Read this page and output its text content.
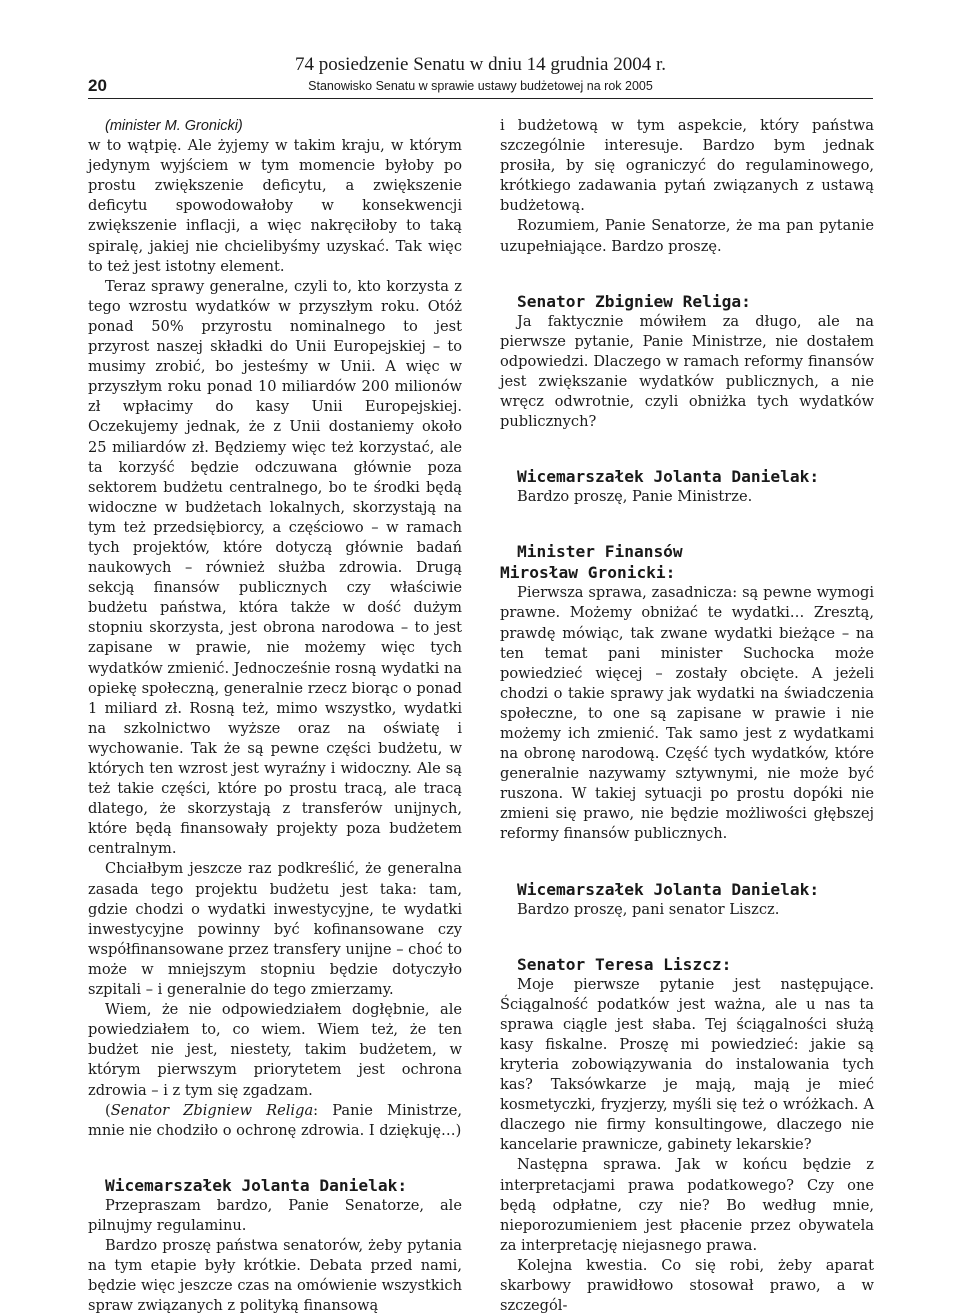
20
74 posiedzenie Senatu w dniu 14 grudnia 2004 r.
Stanowisko Senatu w sprawie ustawy budżetowej na rok 2005

(minister M. Gronicki)

w to wątpię. Ale żyjemy w takim kraju, w którym jedynym wyjściem w tym momencie byłoby po prostu zwiększenie deficytu, a zwiększenie deficytu spowodowałoby w konsekwencji zwiększenie inflacji, a więc nakręciłoby to taką spiralę, jakiej nie chcielibyśmy uzyskać. Tak więc to też jest istotny element.

Teraz sprawy generalne, czyli to, kto korzysta z tego wzrostu wydatków w przyszłym roku. Otóż ponad 50% przyrostu nominalnego to jest przyrost naszej składki do Unii Europejskiej – to musimy zrobić, bo jesteśmy w Unii. A więc w przyszłym roku ponad 10 miliardów 200 milionów zł wpłacimy do kasy Unii Europejskiej. Oczekujemy jednak, że z Unii dostaniemy około 25 miliardów zł. Będziemy więc też korzystać, ale ta korzyść będzie odczuwana głównie poza sektorem budżetu centralnego, bo te środki będą widoczne w budżetach lokalnych, skorzystają na tym też przedsiębiorcy, a częściowo – w ramach tych projektów, które dotyczą głównie badań naukowych – również służba zdrowia. Drugą sekcją finansów publicznych czy właściwie budżetu państwa, która także w dość dużym stopniu skorzysta, jest obrona narodowa – to jest zapisane w prawie, nie możemy więc tych wydatków zmienić. Jednocześnie rosną wydatki na opiekę społeczną, generalnie rzecz biorąc o ponad 1 miliard zł. Rosną też, mimo wszystko, wydatki na szkolnictwo wyższe oraz na oświatę i wychowanie. Tak że są pewne części budżetu, w których ten wzrost jest wyraźny i widoczny. Ale są też takie części, które po prostu tracą, ale tracą dlatego, że skorzystają z transferów unijnych, które będą finansowały projekty poza budżetem centralnym.

Chciałbym jeszcze raz podkreślić, że generalna zasada tego projektu budżetu jest taka: tam, gdzie chodzi o wydatki inwestycyjne, te wydatki inwestycyjne powinny być kofinansowane czy współfinansowane przez transfery unijne – choć to może w mniejszym stopniu będzie dotyczyło szpitali – i generalnie do tego zmierzamy.

Wiem, że nie odpowiedziałem dogłębnie, ale powiedziałem to, co wiem. Wiem też, że ten budżet nie jest, niestety, takim budżetem, w którym pierwszym priorytetem jest ochrona zdrowia – i z tym się zgadzam.

(Senator Zbigniew Religa: Panie Ministrze, mnie nie chodziło o ochronę zdrowia. I dziękuję…)

Wicemarszałek Jolanta Danielak:

Przepraszam bardzo, Panie Senatorze, ale pilnujmy regulaminu.

Bardzo proszę państwa senatorów, żeby pytania na tym etapie były krótkie. Debata przed nami, będzie więc jeszcze czas na omówienie wszystkich spraw związanych z polityką finansową

i budżetową w tym aspekcie, który państwa szczególnie interesuje. Bardzo bym jednak prosiła, by się ograniczyć do regulaminowego, krótkiego zadawania pytań związanych z ustawą budżetową.

Rozumiem, Panie Senatorze, że ma pan pytanie uzupełniające. Bardzo proszę.

Senator Zbigniew Religa:

Ja faktycznie mówiłem za długo, ale na pierwsze pytanie, Panie Ministrze, nie dostałem odpowiedzi. Dlaczego w ramach reformy finansów jest zwiększanie wydatków publicznych, a nie wręcz odwrotnie, czyli obniżka tych wydatków publicznych?

Wicemarszałek Jolanta Danielak:

Bardzo proszę, Panie Ministrze.

Minister Finansów
Mirosław Gronicki:

Pierwsza sprawa, zasadnicza: są pewne wymogi prawne. Możemy obniżać te wydatki… Zresztą, prawdę mówiąc, tak zwane wydatki bieżące – na ten temat pani minister Suchocka może powiedzieć więcej – zostały obcięte. A jeżeli chodzi o takie sprawy jak wydatki na świadczenia społeczne, to one są zapisane w prawie i nie możemy ich zmienić. Tak samo jest z wydatkami na obronę narodową. Część tych wydatków, które generalnie nazywamy sztywnymi, nie może być ruszona. W takiej sytuacji po prostu dopóki nie zmieni się prawo, nie będzie możliwości głębszej reformy finansów publicznych.

Wicemarszałek Jolanta Danielak:

Bardzo proszę, pani senator Liszcz.

Senator Teresa Liszcz:

Moje pierwsze pytanie jest następujące. Ściągalność podatków jest ważna, ale u nas ta sprawa ciągle jest słaba. Tej ściągalności służą kasy fiskalne. Proszę mi powiedzieć: jakie są kryteria zobowiązywania do instalowania tych kas? Taksówkarze je mają, mają je mieć kosmetyczki, fryzjerzy, myśli się też o wróżkach. A dlaczego nie firmy konsultingowe, dlaczego nie kancelarie prawnicze, gabinety lekarskie?

Następna sprawa. Jak w końcu będzie z interpretacjami prawa podatkowego? Czy one będą odpłatne, czy nie? Bo według mnie, nieporozumieniem jest płacenie przez obywatela za interpretację niejasnego prawa.

Kolejna kwestia. Co się robi, żeby aparat skarbowy prawidłowo stosował prawo, a w szczegól-
